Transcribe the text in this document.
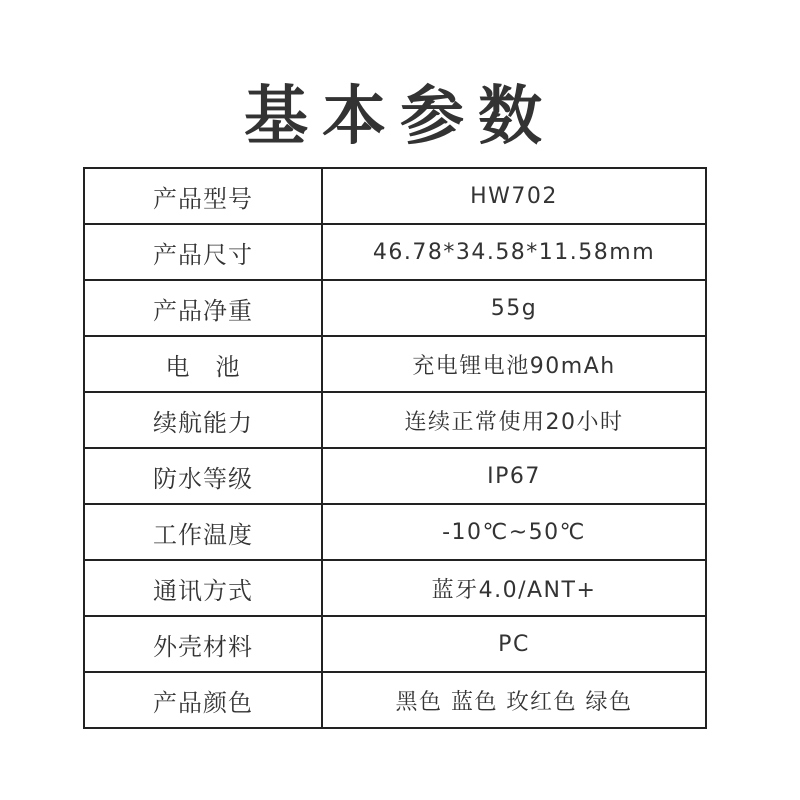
基本参数
产品型号	HW702
产品尺寸	46.78*34.58*11.58mm
产品净重	55g
电　池	充电锂电池90mAh
续航能力	连续正常使用20小时
防水等级	IP67
工作温度	-10℃~50℃
通讯方式	蓝牙4.0/ANT+
外壳材料	PC
产品颜色	黑色 蓝色 玫红色 绿色
